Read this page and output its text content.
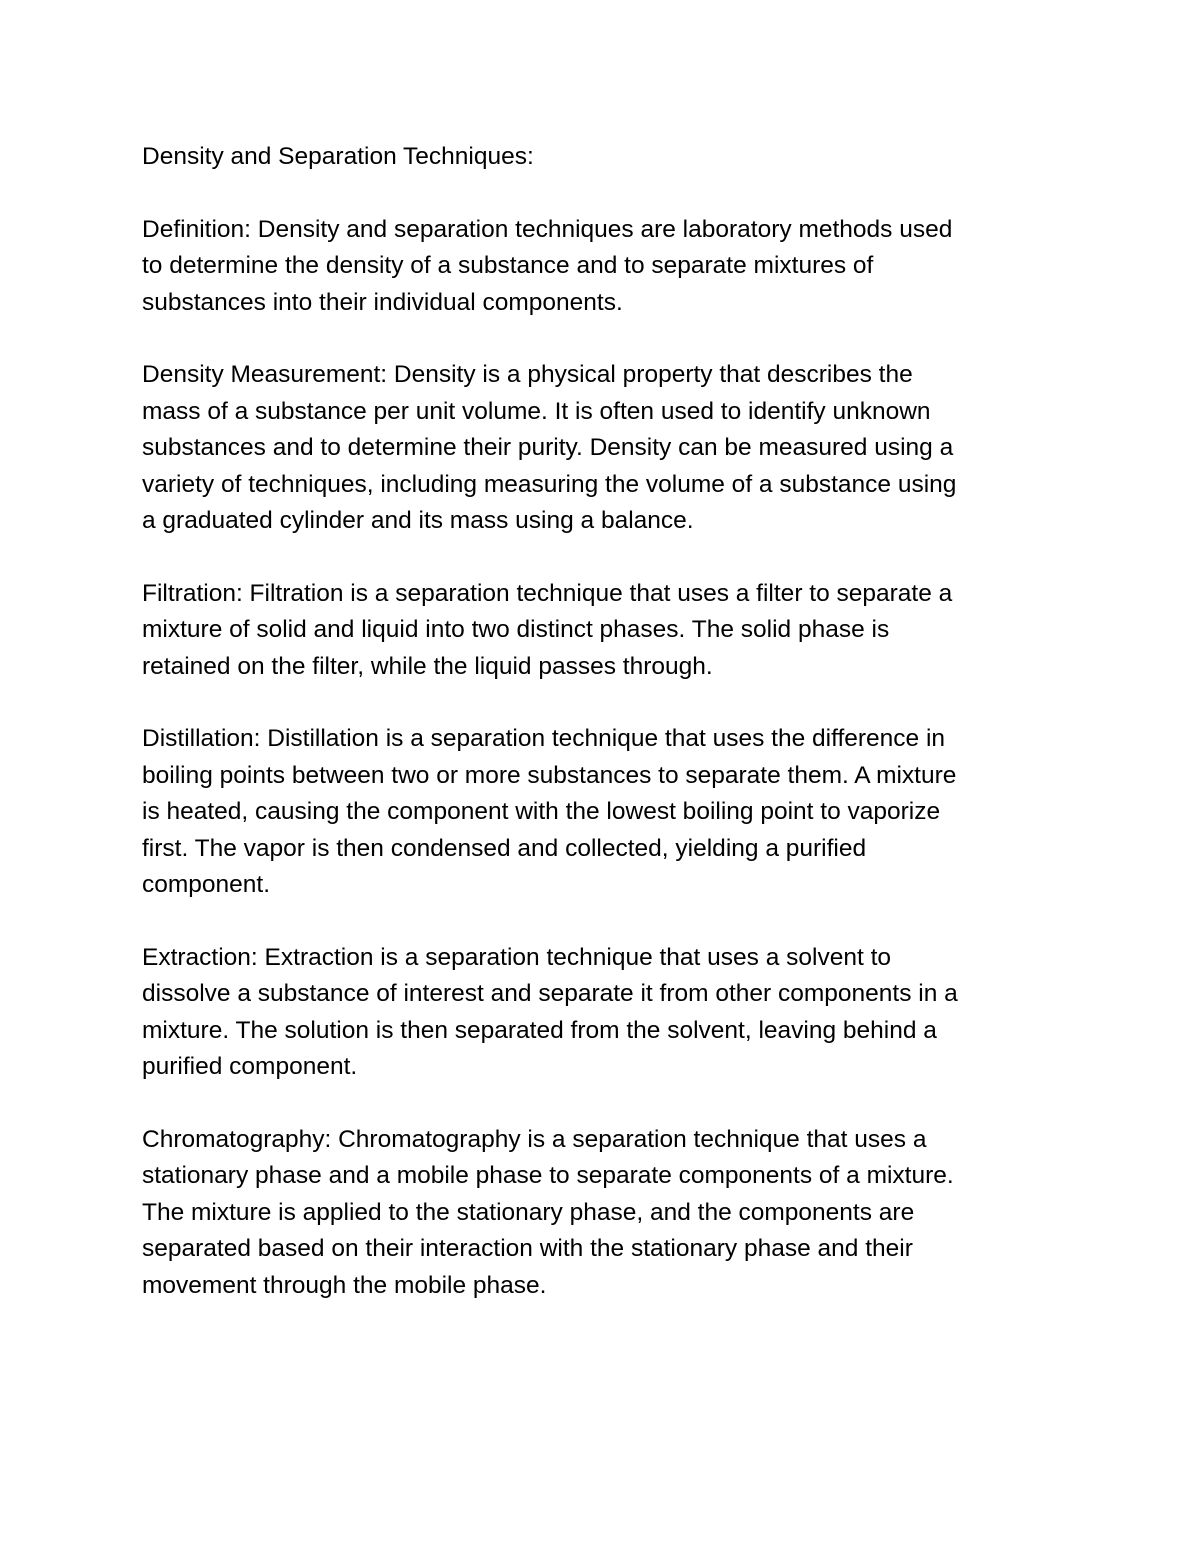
Density and Separation Techniques:

Definition: Density and separation techniques are laboratory methods used
to determine the density of a substance and to separate mixtures of
substances into their individual components.

Density Measurement: Density is a physical property that describes the
mass of a substance per unit volume. It is often used to identify unknown
substances and to determine their purity. Density can be measured using a
variety of techniques, including measuring the volume of a substance using
a graduated cylinder and its mass using a balance.

Filtration: Filtration is a separation technique that uses a filter to separate a
mixture of solid and liquid into two distinct phases. The solid phase is
retained on the filter, while the liquid passes through.

Distillation: Distillation is a separation technique that uses the difference in
boiling points between two or more substances to separate them. A mixture
is heated, causing the component with the lowest boiling point to vaporize
first. The vapor is then condensed and collected, yielding a purified
component.

Extraction: Extraction is a separation technique that uses a solvent to
dissolve a substance of interest and separate it from other components in a
mixture. The solution is then separated from the solvent, leaving behind a
purified component.

Chromatography: Chromatography is a separation technique that uses a
stationary phase and a mobile phase to separate components of a mixture.
The mixture is applied to the stationary phase, and the components are
separated based on their interaction with the stationary phase and their
movement through the mobile phase.
